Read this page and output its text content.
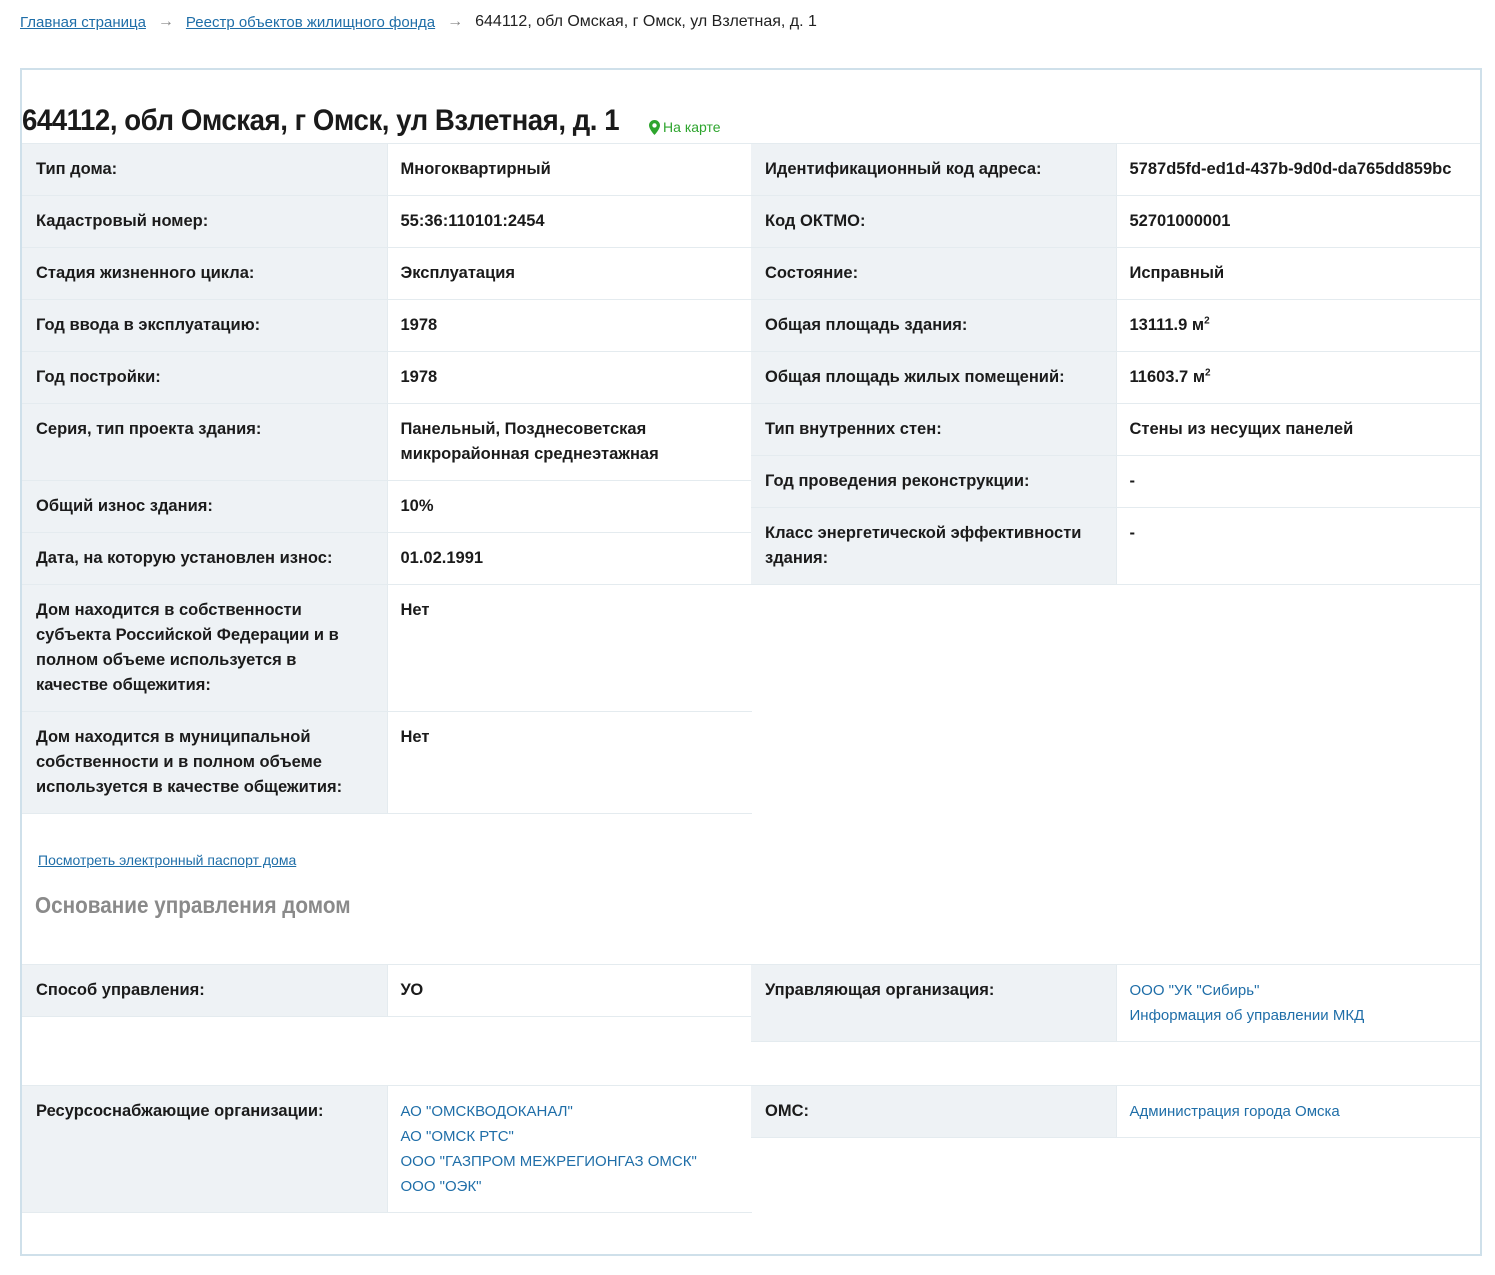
Главная страница → Реестр объектов жилищного фонда → 644112, обл Омская, г Омск, ул Взлетная, д. 1
644112, обл Омская, г Омск, ул Взлетная, д. 1	На карте
Тип дома:	Многоквартирный
Кадастровый номер:	55:36:110101:2454
Стадия жизненного цикла:	Эксплуатация
Год ввода в эксплуатацию:	1978
Год постройки:	1978
Серия, тип проекта здания:	Панельный, Позднесоветская микрорайонная среднеэтажная
Общий износ здания:	10%
Дата, на которую установлен износ:	01.02.1991
Дом находится в собственности субъекта Российской Федерации и в полном объеме используется в качестве общежития:	Нет
Дом находится в муниципальной собственности и в полном объеме используется в качестве общежития:	Нет
Идентификационный код адреса:	5787d5fd-ed1d-437b-9d0d-da765dd859bc
Код ОКТМО:	52701000001
Состояние:	Исправный
Общая площадь здания:	13111.9 $м^2$
Общая площадь жилых помещений:	11603.7 $м^2$
Тип внутренних стен:	Стены из несущих панелей
Год проведения реконструкции:	-
Класс энергетической эффективности здания:	-
Посмотреть электронный паспорт дома
Основание управления домом
Способ управления:	УО	Управляющая организация:	ООО "УК "Сибирь"
Информация об управлении МКД
Ресурсоснабжающие организации:	АО "ОМСКВОДОКАНАЛ"
АО "ОМСК РТС"
ООО "ГАЗПРОМ МЕЖРЕГИОНГАЗ ОМСК"
ООО "ОЭК"
ОМС:	Администрация города Омска
